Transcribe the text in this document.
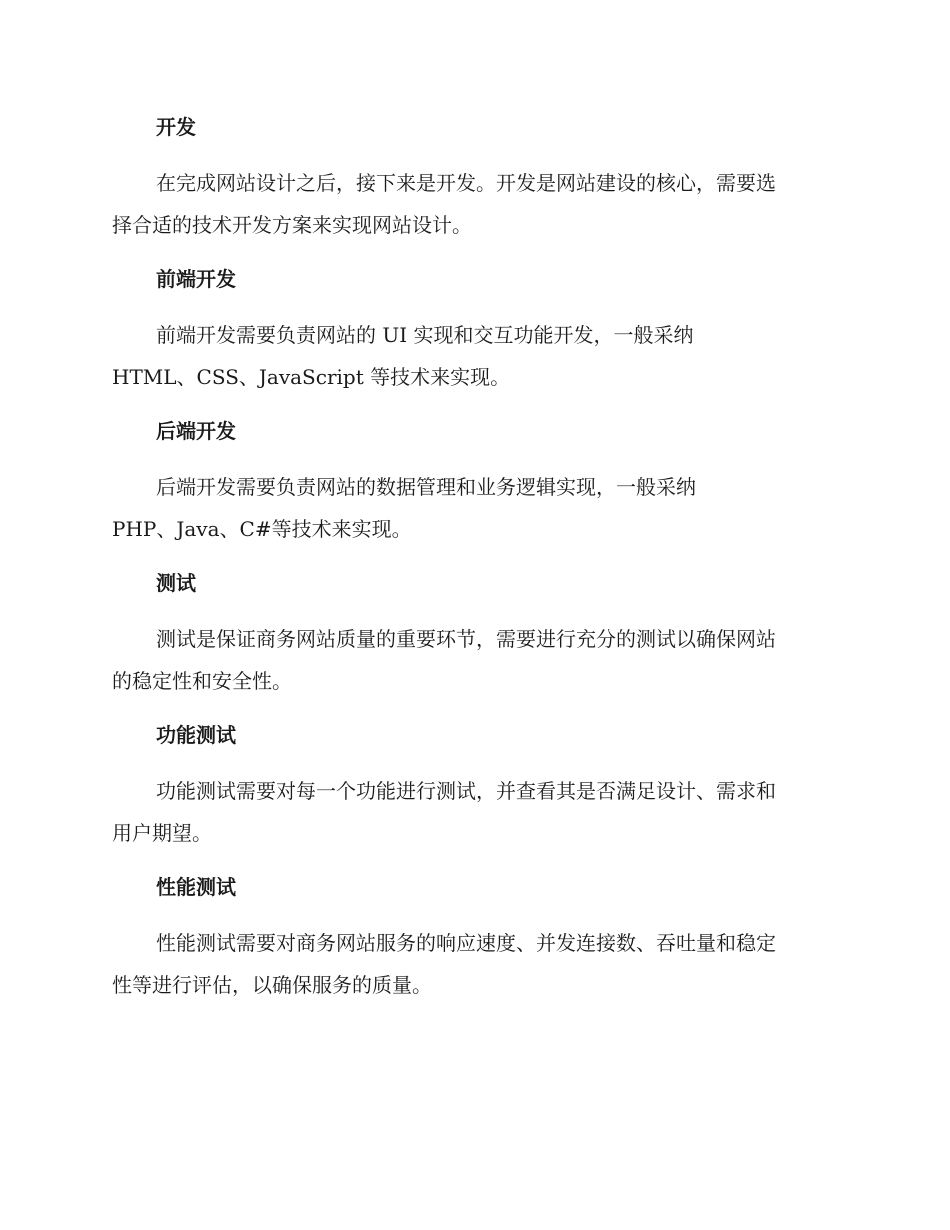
开发
在完成网站设计之后，接下来是开发。开发是网站建设的核心，需要选
择合适的技术开发方案来实现网站设计。
前端开发
前端开发需要负责网站的 UI 实现和交互功能开发，一般采纳
HTML、CSS、JavaScript 等技术来实现。
后端开发
后端开发需要负责网站的数据管理和业务逻辑实现，一般采纳
PHP、Java、C#等技术来实现。
测试
测试是保证商务网站质量的重要环节，需要进行充分的测试以确保网站
的稳定性和安全性。
功能测试
功能测试需要对每一个功能进行测试，并查看其是否满足设计、需求和
用户期望。
性能测试
性能测试需要对商务网站服务的响应速度、并发连接数、吞吐量和稳定
性等进行评估，以确保服务的质量。
